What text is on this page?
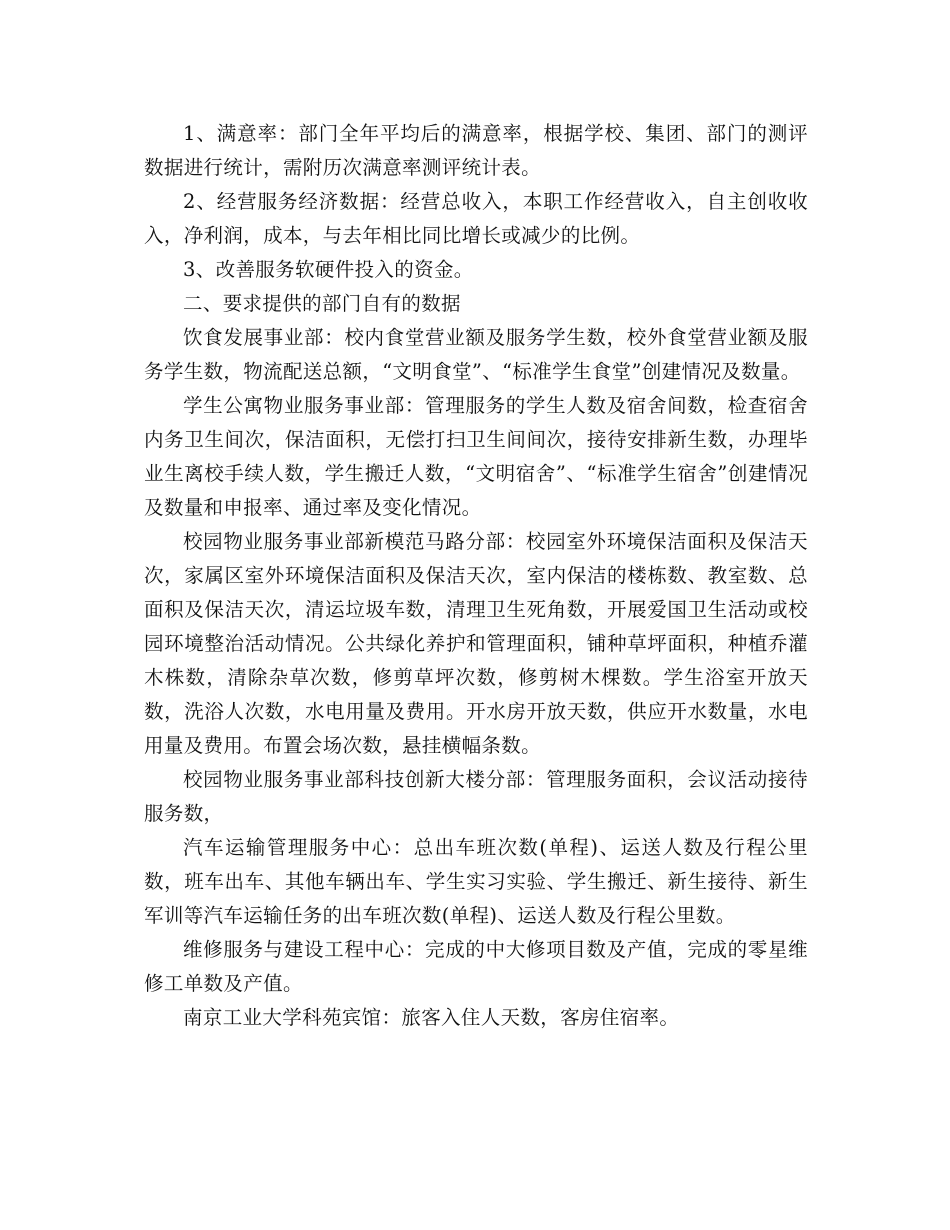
1、满意率：部门全年平均后的满意率，根据学校、集团、部门的测评数据进行统计，需附历次满意率测评统计表。

2、经营服务经济数据：经营总收入，本职工作经营收入，自主创收收入，净利润，成本，与去年相比同比增长或减少的比例。

3、改善服务软硬件投入的资金。

二、要求提供的部门自有的数据

饮食发展事业部：校内食堂营业额及服务学生数，校外食堂营业额及服务学生数，物流配送总额，“文明食堂”、“标准学生食堂”创建情况及数量。

学生公寓物业服务事业部：管理服务的学生人数及宿舍间数，检查宿舍内务卫生间次，保洁面积，无偿打扫卫生间间次，接待安排新生数，办理毕业生离校手续人数，学生搬迁人数，“文明宿舍”、“标准学生宿舍”创建情况及数量和申报率、通过率及变化情况。

校园物业服务事业部新模范马路分部：校园室外环境保洁面积及保洁天次，家属区室外环境保洁面积及保洁天次，室内保洁的楼栋数、教室数、总面积及保洁天次，清运垃圾车数，清理卫生死角数，开展爱国卫生活动或校园环境整治活动情况。公共绿化养护和管理面积，铺种草坪面积，种植乔灌木株数，清除杂草次数，修剪草坪次数，修剪树木棵数。学生浴室开放天数，洗浴人次数，水电用量及费用。开水房开放天数，供应开水数量，水电用量及费用。布置会场次数，悬挂横幅条数。

校园物业服务事业部科技创新大楼分部：管理服务面积，会议活动接待服务数，

汽车运输管理服务中心：总出车班次数(单程)、运送人数及行程公里数，班车出车、其他车辆出车、学生实习实验、学生搬迁、新生接待、新生军训等汽车运输任务的出车班次数(单程)、运送人数及行程公里数。

维修服务与建设工程中心：完成的中大修项目数及产值，完成的零星维修工单数及产值。

南京工业大学科苑宾馆：旅客入住人天数，客房住宿率。
